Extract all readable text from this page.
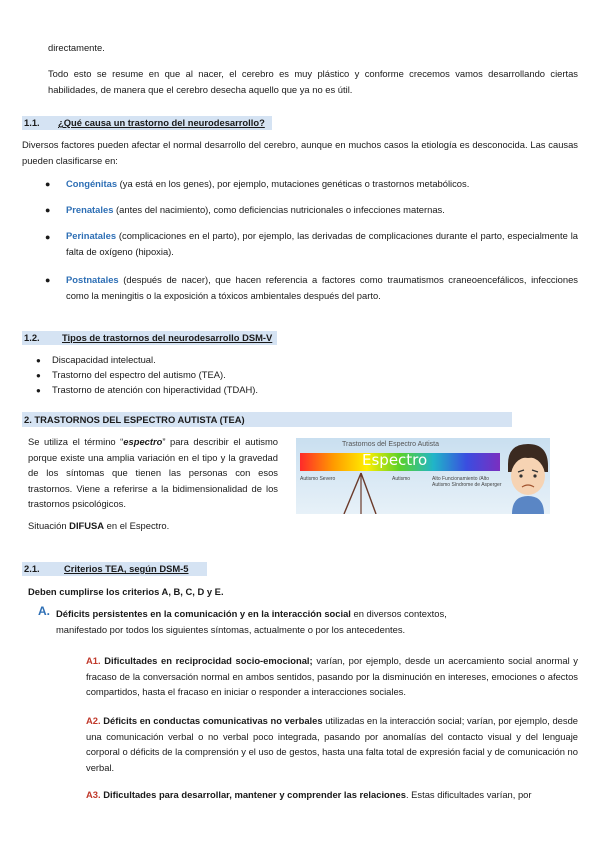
directamente.
Todo esto se resume en que al nacer, el cerebro es muy plástico y conforme crecemos vamos desarrollando ciertas habilidades, de manera que el cerebro desecha aquello que ya no es útil.
1.1. ¿Qué causa un trastorno del neurodesarrollo?
Diversos factores pueden afectar el normal desarrollo del cerebro, aunque en muchos casos la etiología es desconocida. Las causas pueden clasificarse en:
● Congénitas (ya está en los genes), por ejemplo, mutaciones genéticas o trastornos metabólicos.
● Prenatales (antes del nacimiento), como deficiencias nutricionales o infecciones maternas.
● Perinatales (complicaciones en el parto), por ejemplo, las derivadas de complicaciones durante el parto, especialmente la falta de oxígeno (hipoxia).
● Postnatales (después de nacer), que hacen referencia a factores como traumatismos craneoencefálicos, infecciones como la meningitis o la exposición a tóxicos ambientales después del parto.
1.2. Tipos de trastornos del neurodesarrollo DSM-V
● Discapacidad intelectual.
● Trastorno del espectro del autismo (TEA).
● Trastorno de atención con hiperactividad (TDAH).
2. TRASTORNOS DEL ESPECTRO AUTISTA (TEA)
Se utiliza el término “espectro” para describir el autismo porque existe una amplia variación en el tipo y la gravedad de los síntomas que tienen las personas con esos trastornos. Viene a referirse a la bidimensionalidad de los trastornos psicológicos.
Situación DIFUSA en el Espectro.
Trastornos del Espectro Autista
Espectro
Autismo Severo	Autismo	Alto Funcionamiento /Alto Autismo Síndrome de Asperger
2.1.	Criterios TEA, según DSM-5
Deben cumplirse los criterios A, B, C, D y E.
A. Déficits persistentes en la comunicación y en la interacción social en diversos contextos,
manifestado por todos los siguientes síntomas, actualmente o por los antecedentes.
A1. Dificultades en reciprocidad socio-emocional; varían, por ejemplo, desde un acercamiento social anormal y fracaso de la conversación normal en ambos sentidos, pasando por la disminución en intereses, emociones o afectos compartidos, hasta el fracaso en iniciar o responder a interacciones sociales.
A2. Déficits en conductas comunicativas no verbales utilizadas en la interacción social; varían, por ejemplo, desde una comunicación verbal o no verbal poco integrada, pasando por anomalías del contacto visual y del lenguaje corporal o déficits de la comprensión y el uso de gestos, hasta una falta total de expresión facial y de comunicación no verbal.
A3. Dificultades para desarrollar, mantener y comprender las relaciones. Estas dificultades varían, por
